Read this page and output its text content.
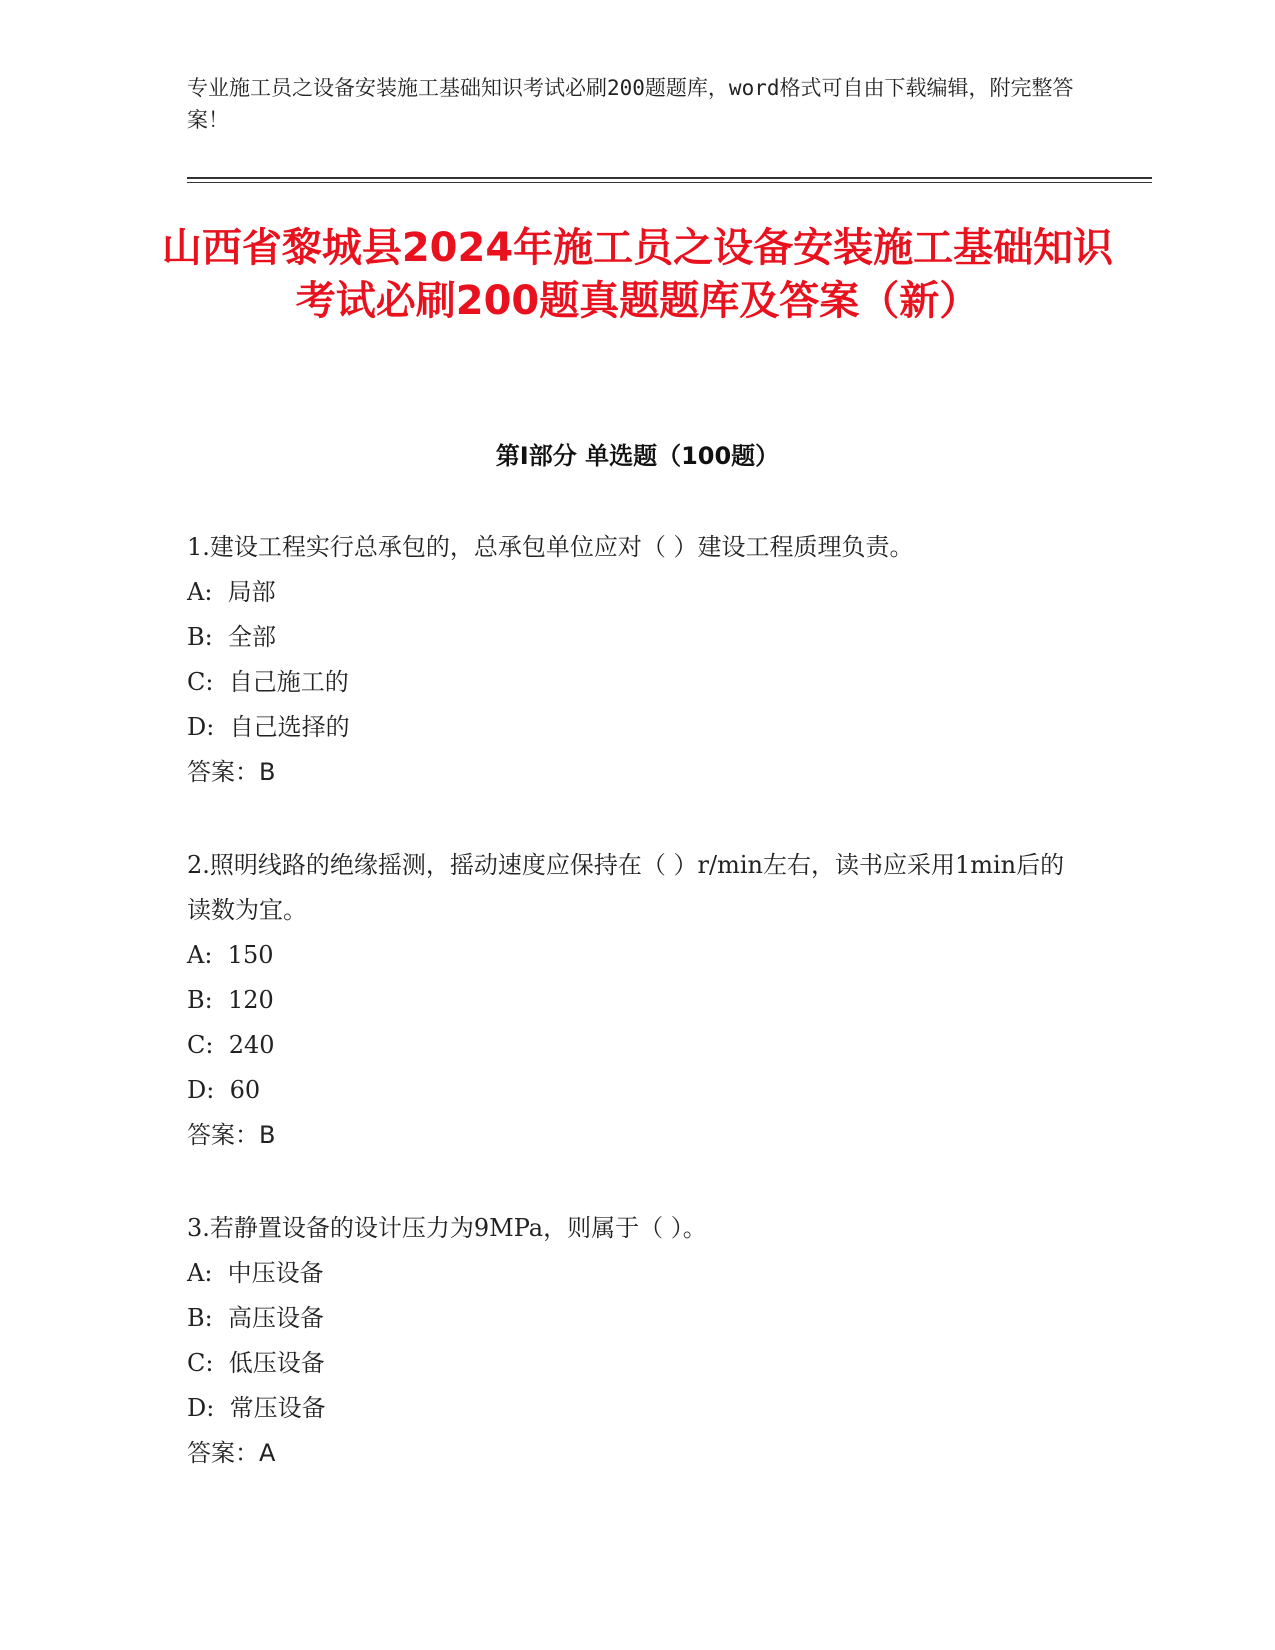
专业施工员之设备安装施工基础知识考试必刷200题题库，word格式可自由下载编辑，附完整答案！
山西省黎城县2024年施工员之设备安装施工基础知识考试必刷200题真题题库及答案（新）
第I部分 单选题（100题）

1.建设工程实行总承包的，总承包单位应对（ ）建设工程质理负责。

A:  局部

B:  全部

C:  自己施工的

D:  自己选择的

答案：B

2.照明线路的绝缘摇测，摇动速度应保持在（ ）r/min左右，读书应采用1min后的读数为宜。

A:  150

B:  120

C:  240

D:  60

答案：B

3.若静置设备的设计压力为9MPa，则属于（ ）。

A:  中压设备

B:  高压设备

C:  低压设备

D:  常压设备

答案：A
